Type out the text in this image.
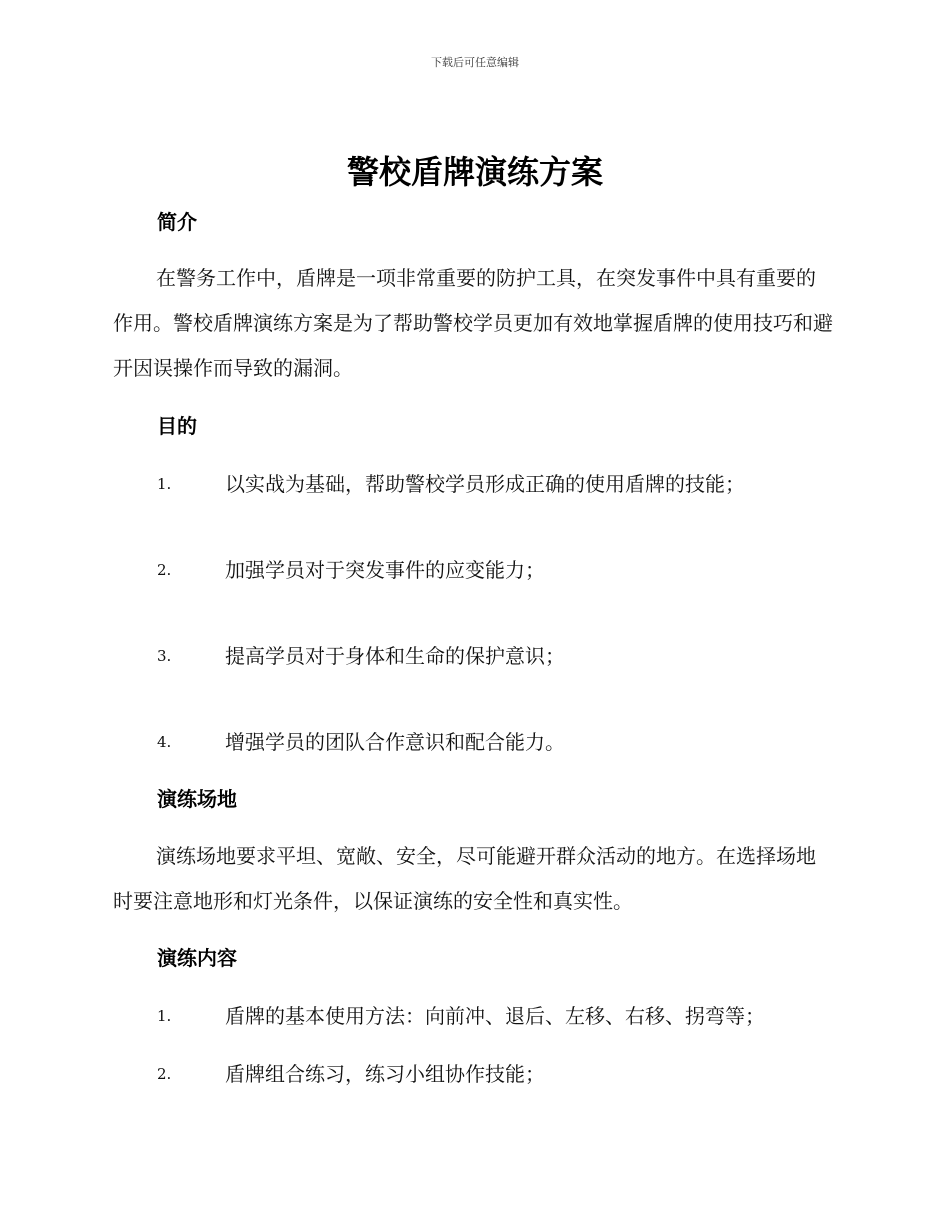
下载后可任意编辑
警校盾牌演练方案
简介

在警务工作中，盾牌是一项非常重要的防护工具，在突发事件中具有重要的作用。警校盾牌演练方案是为了帮助警校学员更加有效地掌握盾牌的使用技巧和避开因误操作而导致的漏洞。

目的
1.	以实战为基础，帮助警校学员形成正确的使用盾牌的技能；
2.	加强学员对于突发事件的应变能力；
3.	提高学员对于身体和生命的保护意识；
4.	增强学员的团队合作意识和配合能力。
演练场地

演练场地要求平坦、宽敞、安全，尽可能避开群众活动的地方。在选择场地时要注意地形和灯光条件，以保证演练的安全性和真实性。

演练内容
1.	盾牌的基本使用方法：向前冲、退后、左移、右移、拐弯等；
2.	盾牌组合练习，练习小组协作技能；
